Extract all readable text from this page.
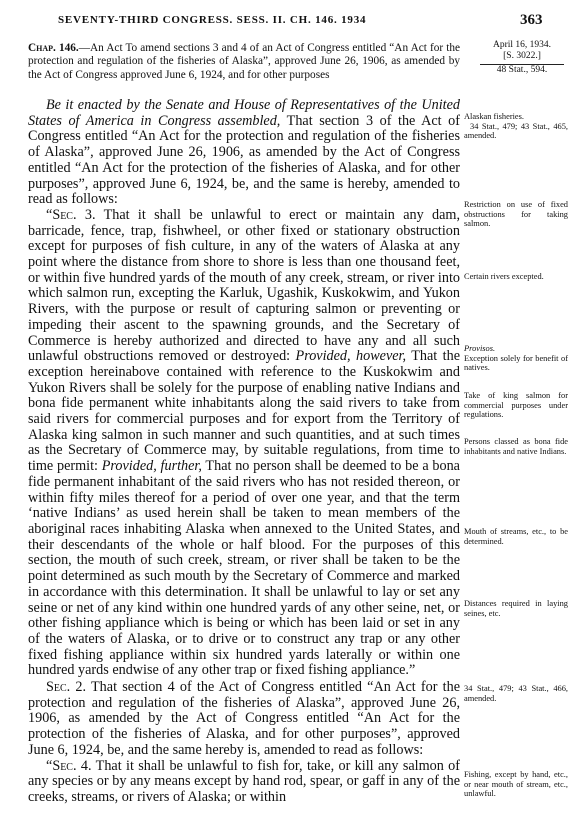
SEVENTY-THIRD CONGRESS. SESS. II. CH. 146. 1934	363
Chap. 146.—An Act To amend sections 3 and 4 of an Act of Congress entitled “An Act for the protection and regulation of the fisheries of Alaska”, approved June 26, 1906, as amended by the Act of Congress approved June 6, 1924, and for other purposes
April 16, 1934.
[S. 3022.]
48 Stat., 594.

Be it enacted by the Senate and House of Representatives of the United States of America in Congress assembled, That section 3 of the Act of Congress entitled “An Act for the protection and regulation of the fisheries of Alaska”, approved June 26, 1906, as amended by the Act of Congress entitled “An Act for the protection of the fisheries of Alaska, and for other purposes”, approved June 6, 1924, be, and the same is hereby, amended to read as follows:

“Sec. 3. That it shall be unlawful to erect or maintain any dam, barricade, fence, trap, fishwheel, or other fixed or stationary obstruction except for purposes of fish culture, in any of the waters of Alaska at any point where the distance from shore to shore is less than one thousand feet, or within five hundred yards of the mouth of any creek, stream, or river into which salmon run, excepting the Karluk, Ugashik, Kuskokwim, and Yukon Rivers, with the purpose or result of capturing salmon or preventing or impeding their ascent to the spawning grounds, and the Secretary of Commerce is hereby authorized and directed to have any and all such unlawful obstructions removed or destroyed: Provided, however, That the exception hereinabove contained with reference to the Kuskokwim and Yukon Rivers shall be solely for the purpose of enabling native Indians and bona fide permanent white inhabitants along the said rivers to take from said rivers for commercial purposes and for export from the Territory of Alaska king salmon in such manner and such quantities, and at such times as the Secretary of Commerce may, by suitable regulations, from time to time permit: Provided, further, That no person shall be deemed to be a bona fide permanent inhabitant of the said rivers who has not resided thereon, or within fifty miles thereof for a period of over one year, and that the term ‘native Indians’ as used herein shall be taken to mean members of the aboriginal races inhabiting Alaska when annexed to the United States, and their descendants of the whole or half blood. For the purposes of this section, the mouth of such creek, stream, or river shall be taken to be the point determined as such mouth by the Secretary of Commerce and marked in accordance with this determination. It shall be unlawful to lay or set any seine or net of any kind within one hundred yards of any other seine, net, or other fishing appliance which is being or which has been laid or set in any of the waters of Alaska, or to drive or to construct any trap or any other fixed fishing appliance within six hundred yards laterally or within one hundred yards endwise of any other trap or fixed fishing appliance.”

Sec. 2. That section 4 of the Act of Congress entitled “An Act for the protection and regulation of the fisheries of Alaska”, approved June 26, 1906, as amended by the Act of Congress entitled “An Act for the protection of the fisheries of Alaska, and for other purposes”, approved June 6, 1924, be, and the same hereby is, amended to read as follows:

“Sec. 4. That it shall be unlawful to fish for, take, or kill any salmon of any species or by any means except by hand rod, spear, or gaff in any of the creeks, streams, or rivers of Alaska; or within

Alaskan fisheries.
34 Stat., 479; 43 Stat., 465, amended.
Restriction on use of fixed obstructions for taking salmon.
Certain rivers excepted.
Provisos.
Exception solely for benefit of natives.
Take of king salmon for commercial purposes under regulations.
Persons classed as bona fide inhabitants and native Indians.
Mouth of streams, etc., to be determined.
Distances required in laying seines, etc.
34 Stat., 479; 43 Stat., 466, amended.
Fishing, except by hand, etc., or near mouth of stream, etc., unlawful.
